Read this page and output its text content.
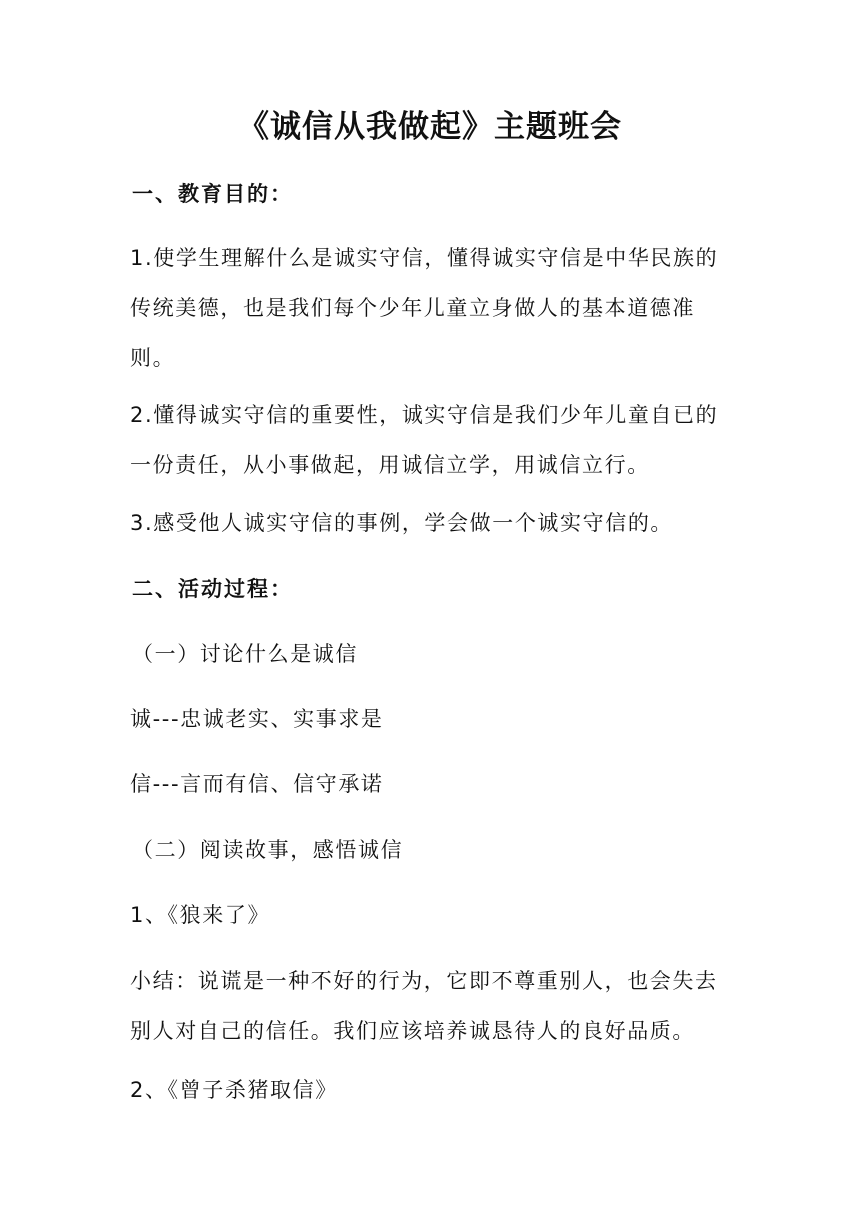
《诚信从我做起》主题班会
一、教育目的：
1.使学生理解什么是诚实守信，懂得诚实守信是中华民族的
传统美德，也是我们每个少年儿童立身做人的基本道德准
则。
2.懂得诚实守信的重要性，诚实守信是我们少年儿童自已的
一份责任，从小事做起，用诚信立学，用诚信立行。
3.感受他人诚实守信的事例，学会做一个诚实守信的。
二、活动过程：
（一）讨论什么是诚信
诚---忠诚老实、实事求是
信---言而有信、信守承诺
（二）阅读故事，感悟诚信
1、《狼来了》
小结：说谎是一种不好的行为，它即不尊重别人，也会失去
别人对自己的信任。我们应该培养诚恳待人的良好品质。
2、《曾子杀猪取信》
